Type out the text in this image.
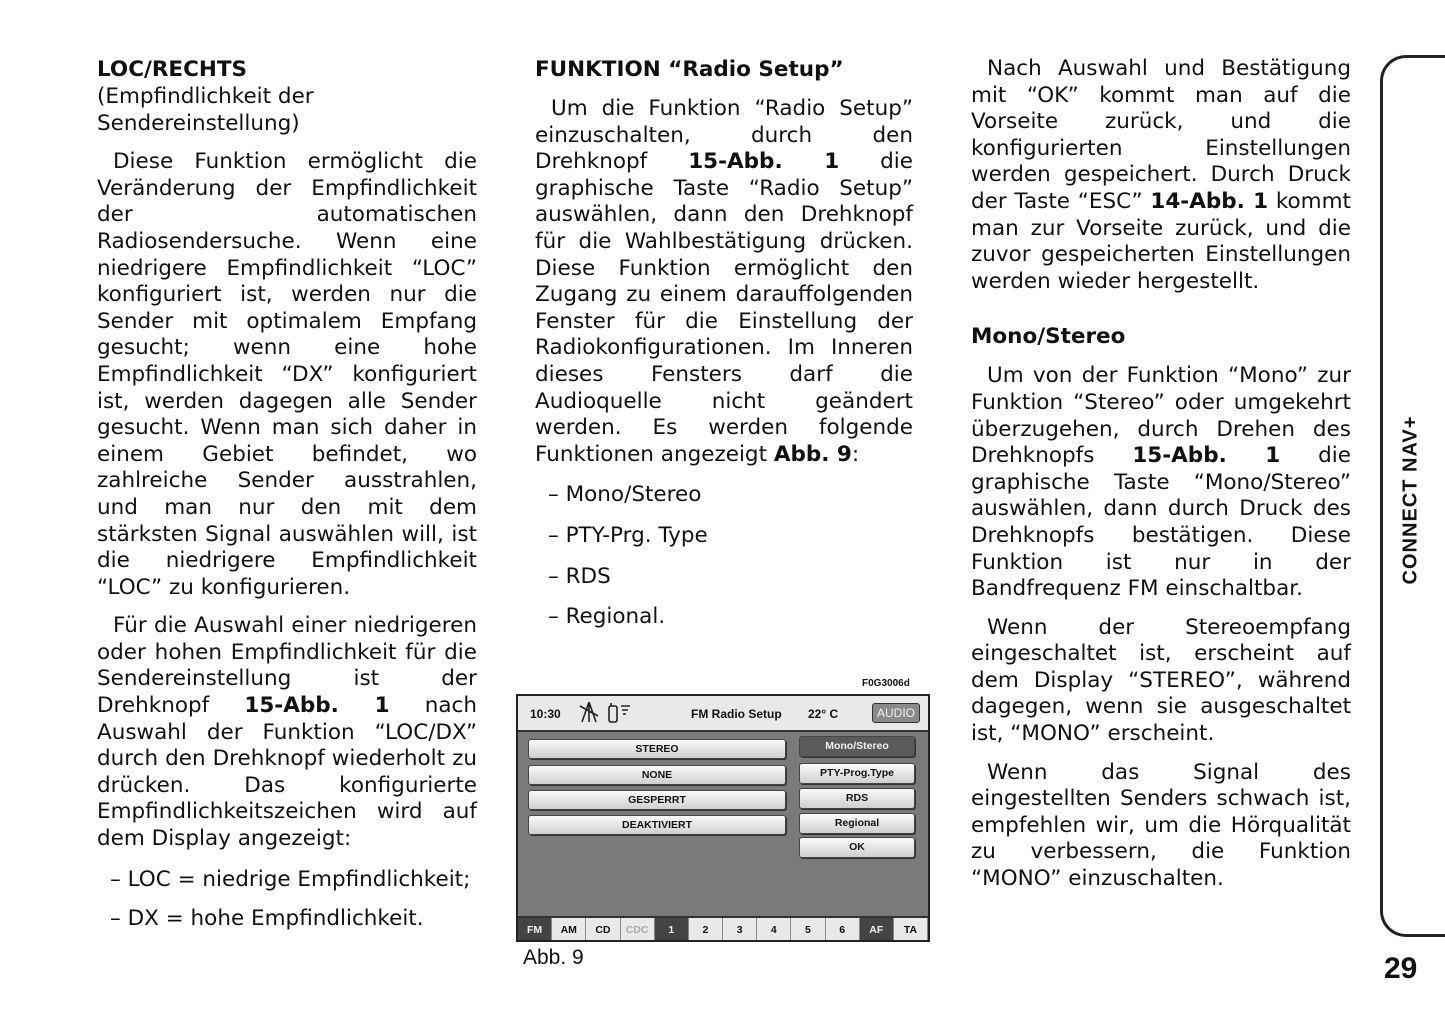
LOC/RECHTS

(Empfindlichkeit der Sendereinstellung)

Diese Funktion ermöglicht die Veränderung der Empfindlichkeit der automatischen Radiosendersuche. Wenn eine niedrigere Empfindlichkeit “LOC” konfiguriert ist, werden nur die Sender mit optimalem Empfang gesucht; wenn eine hohe Empfindlichkeit “DX” konfiguriert ist, werden dagegen alle Sender gesucht. Wenn man sich daher in einem Gebiet befindet, wo zahlreiche Sender ausstrahlen, und man nur den mit dem stärksten Signal auswählen will, ist die niedrigere Empfindlichkeit “LOC” zu konfigurieren.

Für die Auswahl einer niedrigeren oder hohen Empfindlichkeit für die Sendereinstellung ist der Drehknopf 15-Abb. 1 nach Auswahl der Funktion “LOC/DX” durch den Drehknopf wiederholt zu drücken. Das konfigurierte Empfindlichkeitszeichen wird auf dem Display angezeigt:

– LOC = niedrige Empfindlichkeit;
– DX = hohe Empfindlichkeit.
FUNKTION “Radio Setup”

Um die Funktion “Radio Setup” einzuschalten, durch den Drehknopf 15-Abb. 1 die graphische Taste “Radio Setup” auswählen, dann den Drehknopf für die Wahlbestätigung drücken. Diese Funktion ermöglicht den Zugang zu einem darauffolgenden Fenster für die Einstellung der Radiokonfigurationen. Im Inneren dieses Fensters darf die Audioquelle nicht geändert werden. Es werden folgende Funktionen angezeigt Abb. 9:

– Mono/Stereo
– PTY-Prg. Type
– RDS
– Regional.

Nach Auswahl und Bestätigung mit “OK” kommt man auf die Vorseite zurück, und die konfigurierten Einstellungen werden gespeichert. Durch Druck der Taste “ESC” 14-Abb. 1 kommt man zur Vorseite zurück, und die zuvor gespeicherten Einstellungen werden wieder hergestellt.

Mono/Stereo

Um von der Funktion “Mono” zur Funktion “Stereo” oder umgekehrt überzugehen, durch Drehen des Drehknopfs 15-Abb. 1 die graphische Taste “Mono/Stereo” auswählen, dann durch Druck des Drehknopfs bestätigen. Diese Funktion ist nur in der Bandfrequenz FM einschaltbar.

Wenn der Stereoempfang eingeschaltet ist, erscheint auf dem Display “STEREO”, während dagegen, wenn sie ausgeschaltet ist, “MONO” erscheint.

Wenn das Signal des eingestellten Senders schwach ist, empfehlen wir, um die Hörqualität zu verbessern, die Funktion “MONO” einzuschalten.

F0G3006d
10:30	FM Radio Setup 22° C	AUDIO
STEREO
NONE
GESPERRT
DEAKTIVIERT
Mono/Stereo
PTY-Prog.Type
RDS
Regional
OK
FM	AM	CD	CDC	1	2	3	4	5	6	AF	TA
Abb. 9
CONNECT NAV+
29
